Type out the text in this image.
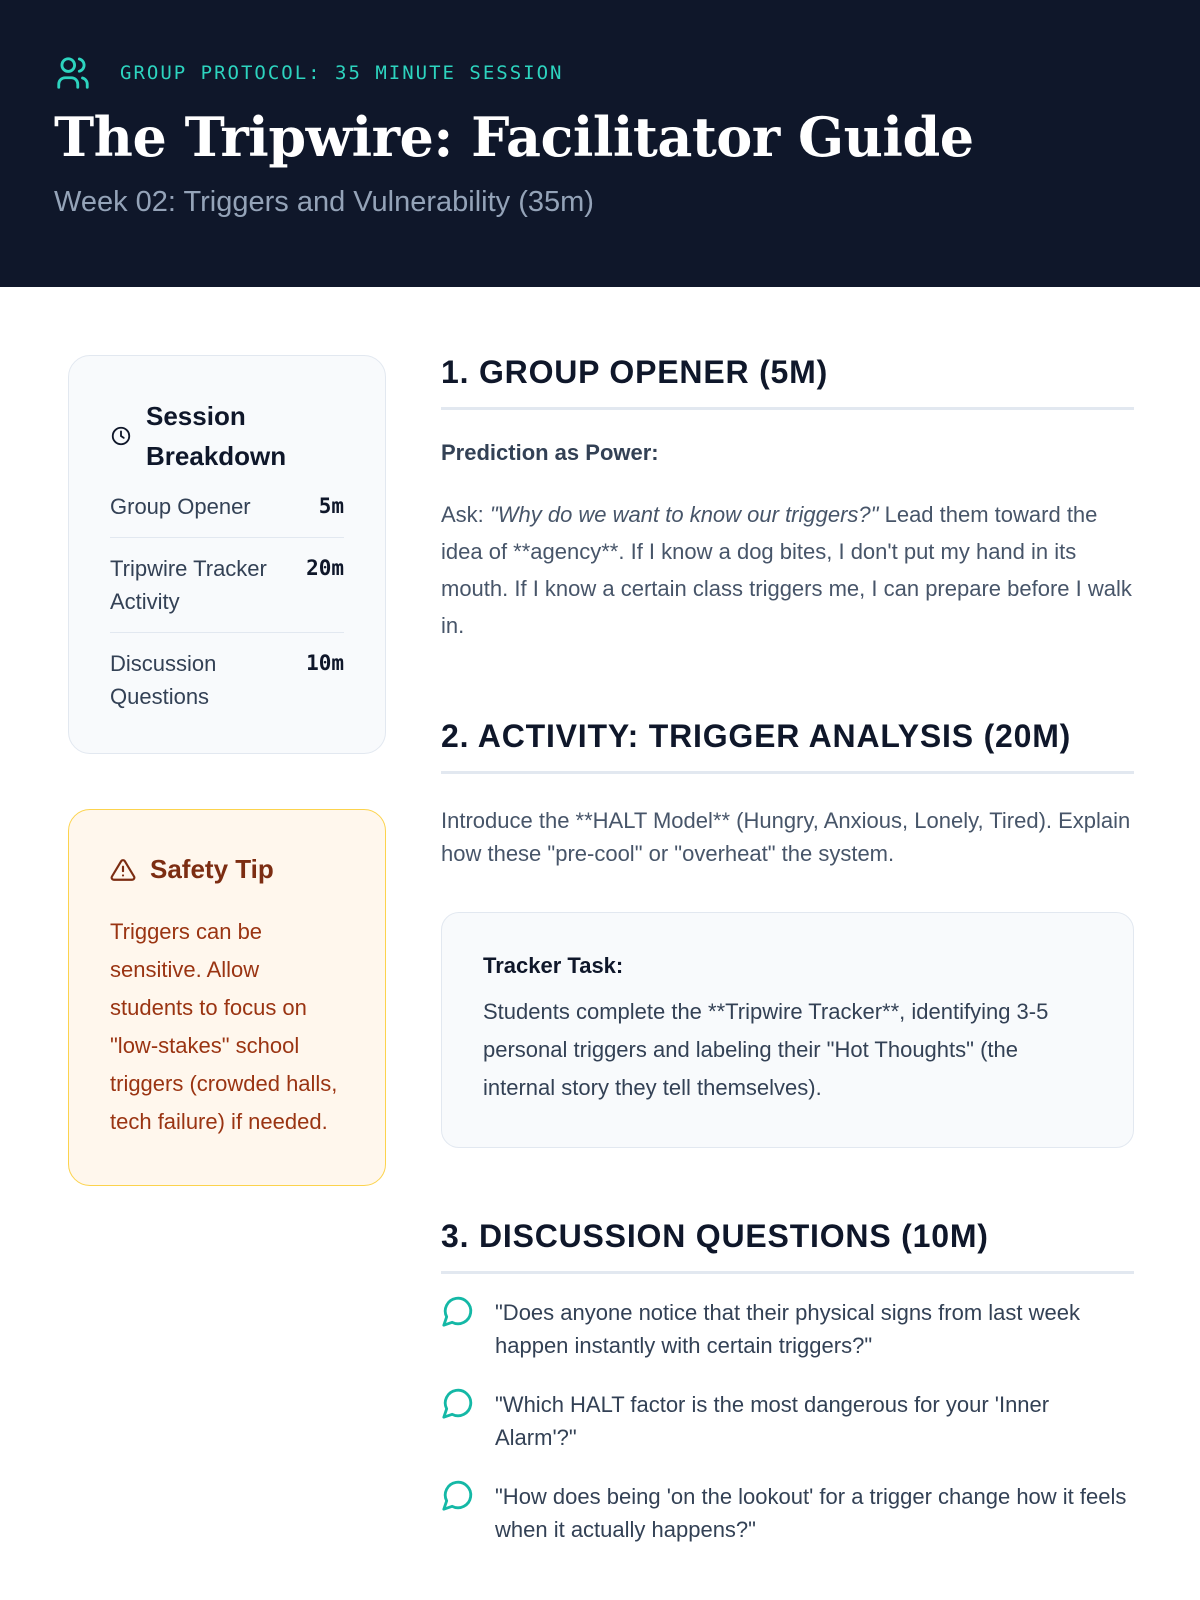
GROUP PROTOCOL: 35 MINUTE SESSION
The Tripwire: Facilitator Guide
Week 02: Triggers and Vulnerability (35m)
Session Breakdown
Group Opener	5m
Tripwire Tracker Activity
20m
Discussion Questions
10m
Safety Tip

Triggers can be sensitive. Allow students to focus on "low-stakes" school triggers (crowded halls, tech failure) if needed.

1. GROUP OPENER (5M)
Prediction as Power:

Ask: "Why do we want to know our triggers?" Lead them toward the idea of **agency**. If I know a dog bites, I don't put my hand in its mouth. If I know a certain class triggers me, I can prepare before I walk in.

2. ACTIVITY: TRIGGER ANALYSIS (20M)

Introduce the **HALT Model** (Hungry, Anxious, Lonely, Tired). Explain how these "pre-cool" or "overheat" the system.

Tracker Task:

Students complete the **Tripwire Tracker**, identifying 3-5 personal triggers and labeling their "Hot Thoughts" (the internal story they tell themselves).

3. DISCUSSION QUESTIONS (10M)
"Does anyone notice that their physical signs from last week happen instantly with certain triggers?"
"Which HALT factor is the most dangerous for your 'Inner Alarm'?"
"How does being 'on the lookout' for a trigger change how it feels when it actually happens?"
